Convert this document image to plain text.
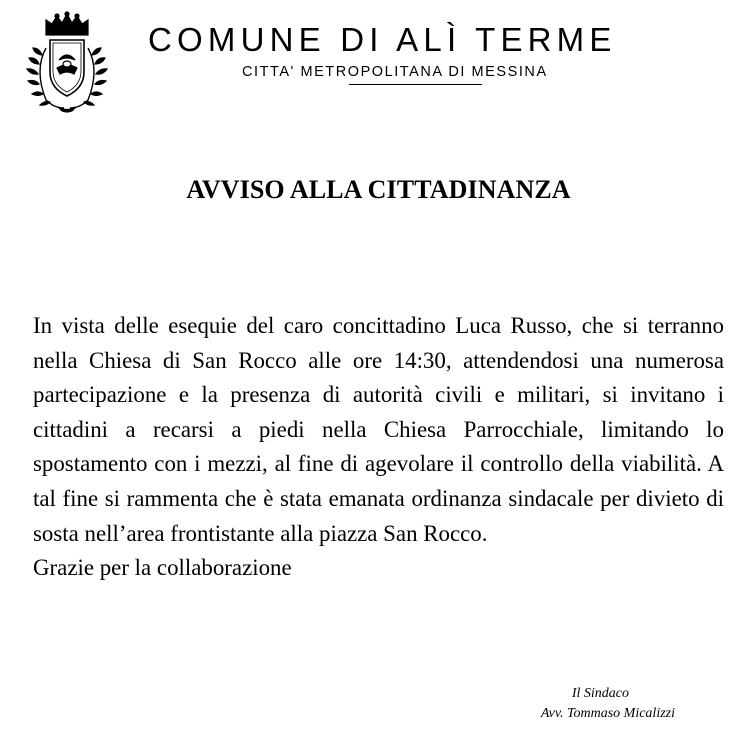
COMUNE DI ALÌ TERME
CITTA' METROPOLITANA DI MESSINA
AVVISO ALLA CITTADINANZA

In vista delle esequie del caro concittadino Luca Russo, che si terranno nella Chiesa di San Rocco alle ore 14:30, attendendosi una numerosa partecipazione e la presenza di autorità civili e militari, si invitano i cittadini a recarsi a piedi nella Chiesa Parrocchiale, limitando lo spostamento con i mezzi, al fine di agevolare il controllo della viabilità. A tal fine si rammenta che è stata emanata ordinanza sindacale per divieto di sosta nell’area frontistante alla piazza San Rocco.

Grazie per la collaborazione

Il Sindaco
Avv. Tommaso Micalizzi
